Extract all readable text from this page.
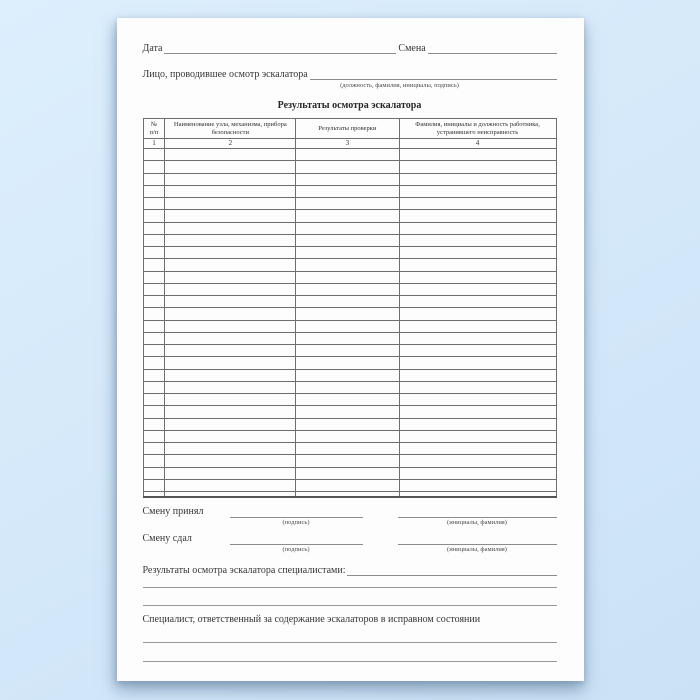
Дата	Смена
Лицо, проводившее осмотр эскалатора
(должность, фамилия, инициалы, подпись)
Результаты осмотра эскалатора
№ п/п	Наименование узла, механизма, прибора безопасности	Результаты проверки	Фамилия, инициалы и должность работника, устранившего неисправность
1	2	3	4

Смену принял
(подпись)	(инициалы, фамилия)
Смену сдал
(подпись)	(инициалы, фамилия)
Результаты осмотра эскалатора специалистами:
Специалист, ответственный за содержание эскалаторов в исправном состоянии
